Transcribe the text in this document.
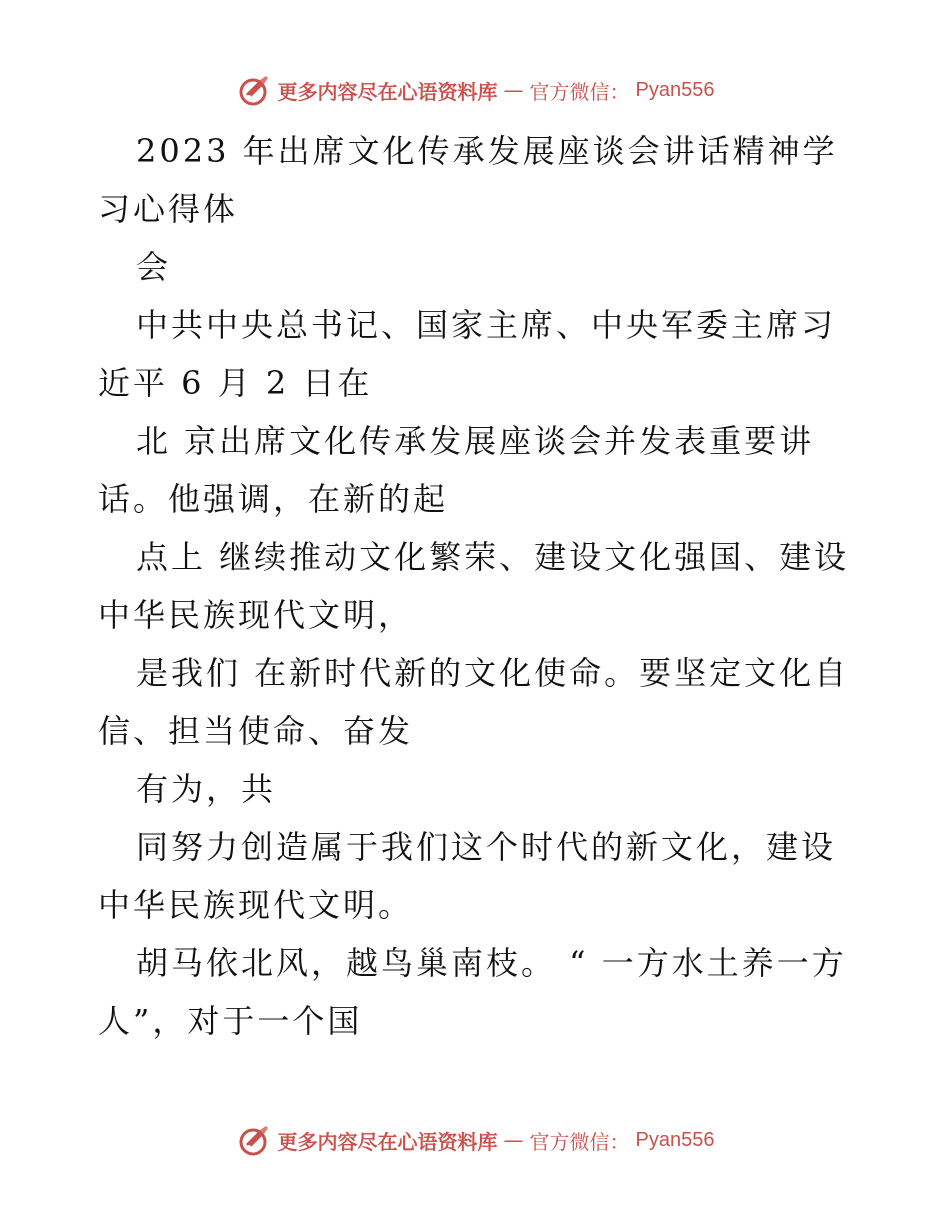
更多内容尽在心语资料库 — 官方微信： Pyan556

2023 年出席文化传承发展座谈会讲话精神学习心得体

会

中共中央总书记、国家主席、中央军委主席习近平 6 月 2 日在

北 京出席文化传承发展座谈会并发表重要讲话。他强调，在新的起

点上 继续推动文化繁荣、建设文化强国、建设中华民族现代文明，

是我们 在新时代新的文化使命。要坚定文化自信、担当使命、奋发

有为，共

同努力创造属于我们这个时代的新文化，建设中华民族现代文明。

胡马依北风，越鸟巢南枝。 “ 一方水土养一方人”，对于一个国

更多内容尽在心语资料库 — 官方微信： Pyan556
